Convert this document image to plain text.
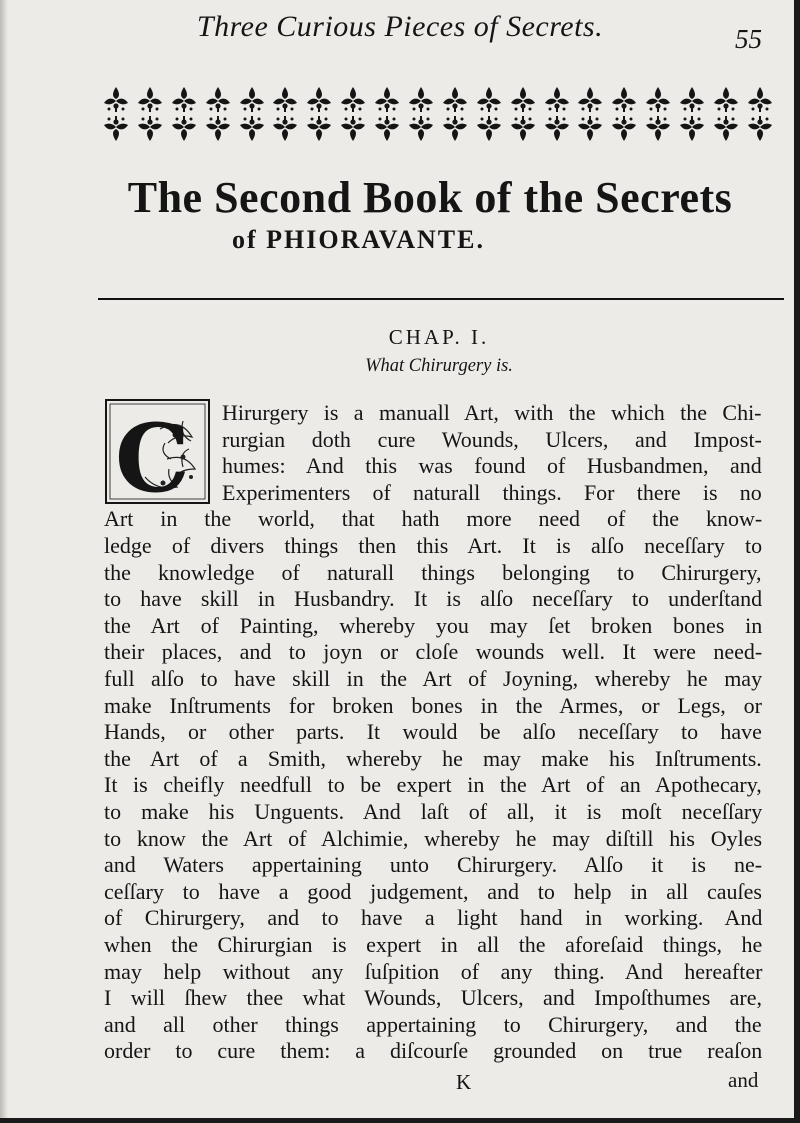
Three Curious Pieces of Secrets.	55
The Second Book of the Secrets
of PHIORAVANTE.
CHAP. I.
What Chirurgery is.
C Hirurgery is a manuall Art, with the which the Chi-
rurgian doth cure Wounds, Ulcers, and Impost-
humes: And this was found of Husbandmen, and
Experimenters of naturall things. For there is no
Art in the world, that hath more need of the know-
ledge of divers things then this Art. It is alſo neceſſary to
the knowledge of naturall things belonging to Chirurgery,
to have skill in Husbandry. It is alſo neceſſary to underſtand
the Art of Painting, whereby you may ſet broken bones in
their places, and to joyn or cloſe wounds well. It were need-
full alſo to have skill in the Art of Joyning, whereby he may
make Inſtruments for broken bones in the Armes, or Legs, or
Hands, or other parts. It would be alſo neceſſary to have
the Art of a Smith, whereby he may make his Inſtruments.
It is cheifly needfull to be expert in the Art of an Apothecary,
to make his Unguents. And laſt of all, it is moſt neceſſary
to know the Art of Alchimie, whereby he may diſtill his Oyles
and Waters appertaining unto Chirurgery. Alſo it is ne-
ceſſary to have a good judgement, and to help in all cauſes
of Chirurgery, and to have a light hand in working. And
when the Chirurgian is expert in all the aforeſaid things, he
may help without any ſuſpition of any thing. And hereafter
I will ſhew thee what Wounds, Ulcers, and Impoſthumes are,
and all other things appertaining to Chirurgery, and the
order to cure them: a diſcourſe grounded on true reaſon
K	and
